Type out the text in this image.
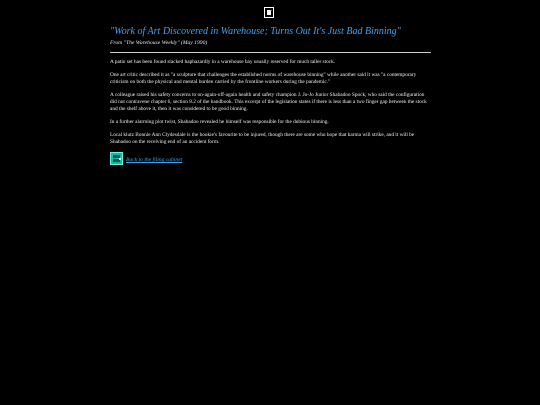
"Work of Art Discovered in Warehouse; Turns Out It's Just Bad Binning"
From "The Warehouse Weekly" (May 1990)

A patio set has been found stacked haphazardly in a warehouse bay usually reserved for much taller stock.

One art critic described it as "a sculpture that challenges the established norms of warehouse binning" while another said it was "a contemporary criticism on both the physical and mental burden carried by the frontline workers during the pandemic."

A colleague raised his safety concerns to on-again-off-again health and safety champion J. Jo-Jo Junior Shabadoo Spock, who said the configuration did not contravene chapter 6, section 8.2 of the handbook. This excerpt of the legislation states if there is less than a two finger gap between the stock and the shelf above it, then it was considered to be good binning.

In a further alarming plot twist, Shabadoo revealed he himself was responsible for the dubious binning.

Local klutz Bonnie Ann Clydesdale is the bookie's favourite to be injured, though there are some who hope that karma will strike, and it will be Shabadoo on the receiving end of an accident form.

Back to the filing cabinet
